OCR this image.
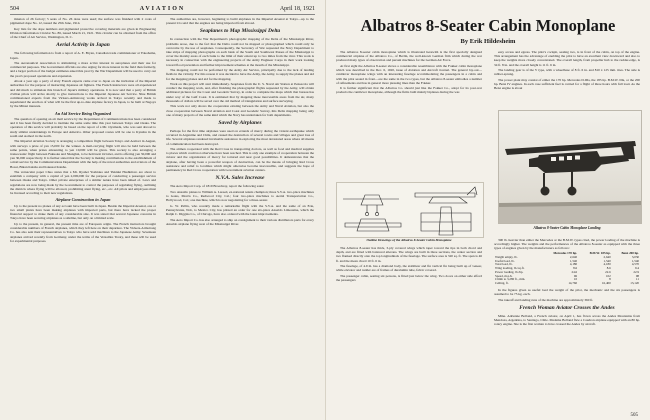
504	AVIATION	April 18, 1921

mission of 26 factory; 5 seats of No. 26 done were used; the surface was finished with 2 coats of pigmented dope No. 12, issued the 25th June, 1914.

Key lists for the dope numbers and pigmented protective covering materials are given in Engineering Division Information Circular No. 86, issued March 21, 1921. This circular can be obtained from the office of the Chief of Air Service, Washington, D. C.

Aerial Activity in Japan

The following information is from a report of A. E. Bryan, Canadian trade commissioner at Yokohama, Japan.

The Aeronautical Association is stimulating a more active interest in aeroplanes and their use for commercial purposes. The Government officials are also urging for more interest in the field than formerly, and a larger portion of the budget estimates asked this year by the War Department will be used to carry out the year's proposed operations and expansion.

About a year ago a party of sixty French experts came over to Japan on the invitation of the Imperial authorities for the purpose of instructing Japanese air fighters. The French instructors were all experienced and did much to stimulate this branch of Japan's military operations. It is now said that a party of British civilian pilots will arrive shortly to give instructions to the Imperial Japanese Air Service. Nine British commissioned experts from the Vickers-Armstrong works arrived in Tokyo recently and made to superintend the erection of what will be the first up-to-date airplane factory in Japan, to be built at Nagoya by the Mitsui interests.

An Aid Service Being Organized

The question of opening an air mail service by the Department of Communications has been considered and it has been finally decided to institute the same some time this year between Tokyo and Osaka. The operation of this service will probably be based on the report of a Mr. Oyamada, who was sent abroad to study similar undertakings in Europe and America. Other proposed routes will be one to Kyushu in the south and Aomori in the north.

The Imperial Aviation Society is arranging a competition flight between Tokyo and Aomori in August, with surveys a prize of yen 15,000 for the winner. A mail-carrying flight will also be held between the same points, when prizes amounting to yen 10,000 will be given. This society is also arranging a transoceanic flight between Fukuoka and Shanghai, to be held next October, and is offering yen 30,000 and yen 30,000 respectively. It is further stated that the Society is making contributions to the establishment of a mail service by the Communications Department with the help of the naval authorities and aviators of the Bosai, Bikan Kaisha and Kokusai Kaisha.

The vernacular paper Chuo states that a Mr. Ryohei Yoshioka and Yukiaki Hashimoto are about to establish a company with a capital of yen 2,000,000 for the purpose of conducting a passenger service between Osaka and Tokyo. Other private enterprises of a similar nature have been talked of. Laws and regulations are now being made by the Government to control the purposes of regulating flying, outlining the districts where flying will be allowed, prohibiting stunt flying, etc., etc. All pilots and employees must be licensed according to their new regulations.

Airplane Construction in Japan

Up to the present no planes of any account have been built in Japan. Beside the Imperial Arsenal, one or two small plants have been making airplanes with imported parts, but there have lacked the proper financial support to make them of any considerable size. It was stated that several Japanese concerns in Tokyo have been securing airplanes as a sideline, but only on a limited scale.

Up to the present, in general, the present time are of European origin. The French instructors brought considerable numbers of French airplanes, which they left here on their departure. The Vickers-Armstrong Co. has also sent their representatives to Tokyo who have sold machines to the Japanese Army. Seventeen airplanes arrived recently from Germany, under the terms of the Versailles Treaty, and these will be used for experimental purposes.

The authorities are, however, beginning to build airplanes in the Imperial Arsenal at Tokyo—up to the present it is said that the engines are being imported from abroad.

Seaplanes to Map Mississippi Delta

In connection with the War Department's photographic mapping of the Delta of the Mississippi River, problems arose, due to the fact that the Delta could not be mapped or photographed which could only be overcome by the use of seaplanes. Consequently, the Secretary of War requested the Navy Department to take strips of mapping photographs on each bank of the South and Southwest Passes of the Mississippi to cover the marshy areas of each bank to the limit of their extent up to two miles from the river. This work is necessary in connection with the engineering projects of the Army Engineer Corps in their work looking toward flood prevention and further improvement schemes at the mouth of the Mississippi.

The mapping could not be performed by the Army Air Service, principally due to the lack of landing fields in the vicinity. For this reason it was decided to have the Army, the Army, to supply the planes and aid for the mapping planes and aid for the mapping.

Work on this project will start immediately. Seaplanes from the U. S. Naval Air Station at Pensacola will conduct the mapping work, and, after finishing the photographic flights requested by the Army, will obtain additional pictures for the Coast and Geodetic Survey, in order to complete the maps which that bureau has under way of the Gulf Coast. It is estimated that by mapping these inaccessible areas from the air, many thousands of dollars will be saved over the old method of triangulation and surface surveying.

This work not only shows the cooperation existing between the Army and Naval Aviation, but also the close cooperation between Naval Aviation and Coast and Geodetic Survey, this Delta mapping being only one of many projects of the same kind which the Navy has undertaken for both departments.

Saved by Airplanes

Perhaps for the first time airplanes were used on errands of mercy during the violent earthquake which occurred in Argentine and Chile, and caused the destruction of several towns and villages and great loss of life. Several airplanes rendered invaluable assistance in exploring the most devastated areas where all means of communication had been destroyed.

The airmen cooperated with the Red Cross in transporting doctors, as well as food and medical supplies to places which could not otherwise have been reached. This is only one example of cooperation between the aviator and the organization of mercy for tortured and near good possibilities. It demonstrates that the airplane, after having been a powerful weapon of destruction, can be the means of bringing Red Cross assistance and relief to localities which might otherwise become inaccessible, and suggests the hope of permanency in Red Cross cooperation with Government aviation centers.

N.V.A. Sales Increase

The Aero Import Corp. of 1819 Broadway, report the following sales:

Two Ansaldo planes to William A. Lareed, ex-national tennis champion; three S.V.A. two-place machines to Gates, Morris Co., Redwood City, Cal.; four two-place machines to Aerial Transportation Co., Hollywood, Cal.; one machine, which is now negotiating for a three-seater.

G. W. Pellin, who recently made a remarkable flight with the S.V.A. and the same of an Erie, Pennsylvania, Nob, to Mexico City, has piloted an order for one six-place Ansaldo Limousine, which the Ralph C. Diggins Co., of Chicago, have also ordered with the latest improvements.

The Aero Import Co. has also arranged to ship on consignment to their various distributors parts for every Ansaldo airplane flying west of the Mississippi River.

Albatros 8-Seater Cabin Monoplane
By Erik Hildesheim

The Albatros 8-seater cabin monoplane which is illustrated herewith is the first specially designed commercial airplane of the Albatros Co., of Berlin, the well-known German firm which during the war produced many types of observation and pursuit machines for the German Air Force.

At first sight the Albatros 8-seater shows a considerable resemblance with the Fokker cabin monoplane which was described in the Dec. 6, 1920, issue of Aviation and Aircraft Journal. The general lay-out—cantilever monoplane wings with an interesting fuselage accommodating the passengers in a cabin and with the pilot seated in front—are the same in the two types, but the Albatros 8-seater embodies a number of refinements and has in general more pleasing lines than the Fokker.

It is further significant that the Albatros Co. should just like the Fokker Co., adopt for its post-war products the cantilever monoplane, although the firms built mainly biplanes during the war.

easy access and egress. The pilot's cockpit, seating two, is in front of the cabin, on top of the engine. This arrangement has the advantage of enabling the pilot to have an excellent view downward and also to keep the weights more closely concentrated. The overall length, from propeller hub to the rudder-edge, is 34 ft. 8 in. and the overall height is 11 ft. 6 in.

The landing gear is of the V type, with a wheelbase of 8 ft. 6 in. and 810 x 125 mm. tires. The axle is rubber-sprung.

The power plant may consist of either the 170 hp. Mercedes D.IIIa, the 185 hp. B.M.W. IIIa, or the 200 hp. Benz IV engines. In each case sufficient fuel is carried for a flight of three hours with full load. As the Benz engine is about

Albatros 8-Seater Cabin Monoplane Landing
Outline Drawings of the Albatros 8-Seater Cabin Monoplane

The Albatros 8-seater has thick, 3-ply covered wings which taper toward the tips in both chord and depth, and are fitted with balanced ailerons. The wings are built in three sections, the center section and two flanked directly onto the top longitudinals of the fuselage. The surface area is 320 sq. ft. The span is 46 ft. and the mean chord 10 ft. 6 in.

The fuselage, of 4.9 m. has a diamond body, the stabilizer and fin vertical fin being built up of veneer, while elevator and rudder are of frames of duralumin tube, fabric covered.

The passenger cabin, seating six persons, is fitted just below the wing. Two doors on either side afford the passengers

390 lb. heavier than either the Mercedes or the B.M.W. types cited, the power loading of the machine is accordingly higher. The weights and the performances of the Albatros 8-seater as equipped with the three types of engines given by the manufacturers as follows:

	Mercedes 170 hp.	B.M.W. 185 hp.	Benz 200 hp.
Weight empty, lb.	2,640	2,640	3,030
Useful load, lb.	1,540	1,540	1,540
Total load, lb.	4,180	4,180	4,570
Wing loading, lb./sq.ft.	8.6	8.6	9.4
Power loading, lb./hp.	24.6	22.6	22.9
Speed, m.p.h.	96	102	98
Climb to 3,280 ft., min.	10	8	11
Ceiling, ft.	14,760	16,400	13,120

In the figures given as useful load the weight of the pilot, the mechanic and the six passengers is assumed to be 75 kg. each.

The takeoff and landing runs of the machine are approximately 360 ft.

French Woman Aviator Crosses the Andes

Mme. Adrienne Bolland, a French aviator, on April 1, has flown across the Andes Mountains from Mendoza, Argentina, to Santiago, Chile. Madame Bolland flew a Caudron airplane equipped with an 80 hp. rotary engine. She is the first woman to have crossed the Andes by aircraft.

505
